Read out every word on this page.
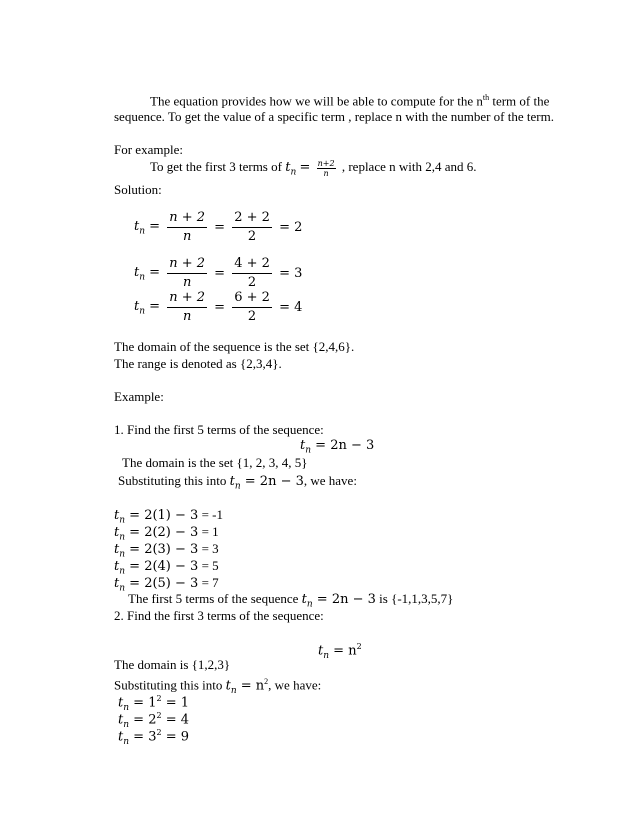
The equation provides how we will be able to compute for the $n^{th}$ term of the
sequence. To get the value of a specific term , replace n with the number of the term.
For example:
To get the first 3 terms of $t_n = \frac{n+2}{n}$ , replace n with 2,4 and 6.
Solution:
$t_n = \frac{n + 2}{n} = \frac{2 + 2}{2} = 2$
$t_n = \frac{n + 2}{n} = \frac{4 + 2}{2} = 3$
$t_n = \frac{n + 2}{n} = \frac{6 + 2}{2} = 4$
The domain of the sequence is the set {2,4,6}.
The range is denoted as {2,3,4}.
Example:
1. Find the first 5 terms of the sequence:
$t_n = 2n - 3$
The domain is the set {1, 2, 3, 4, 5}
Substituting this into $t_n = 2n - 3$, we have:
$t_n = 2(1) - 3 = -1$
$t_n = 2(2) - 3 = 1$
$t_n = 2(3) - 3 = 3$
$t_n = 2(4) - 3 = 5$
$t_n = 2(5) - 3 = 7$
The first 5 terms of the sequence $t_n = 2n - 3$ is {-1,1,3,5,7}
2. Find the first 3 terms of the sequence:
$t_n = n^2$
The domain is {1,2,3}
Substituting this into $t_n = n^2$, we have:
$t_n = 1^2 = 1$
$t_n = 2^2 = 4$
$t_n = 3^2 = 9$
